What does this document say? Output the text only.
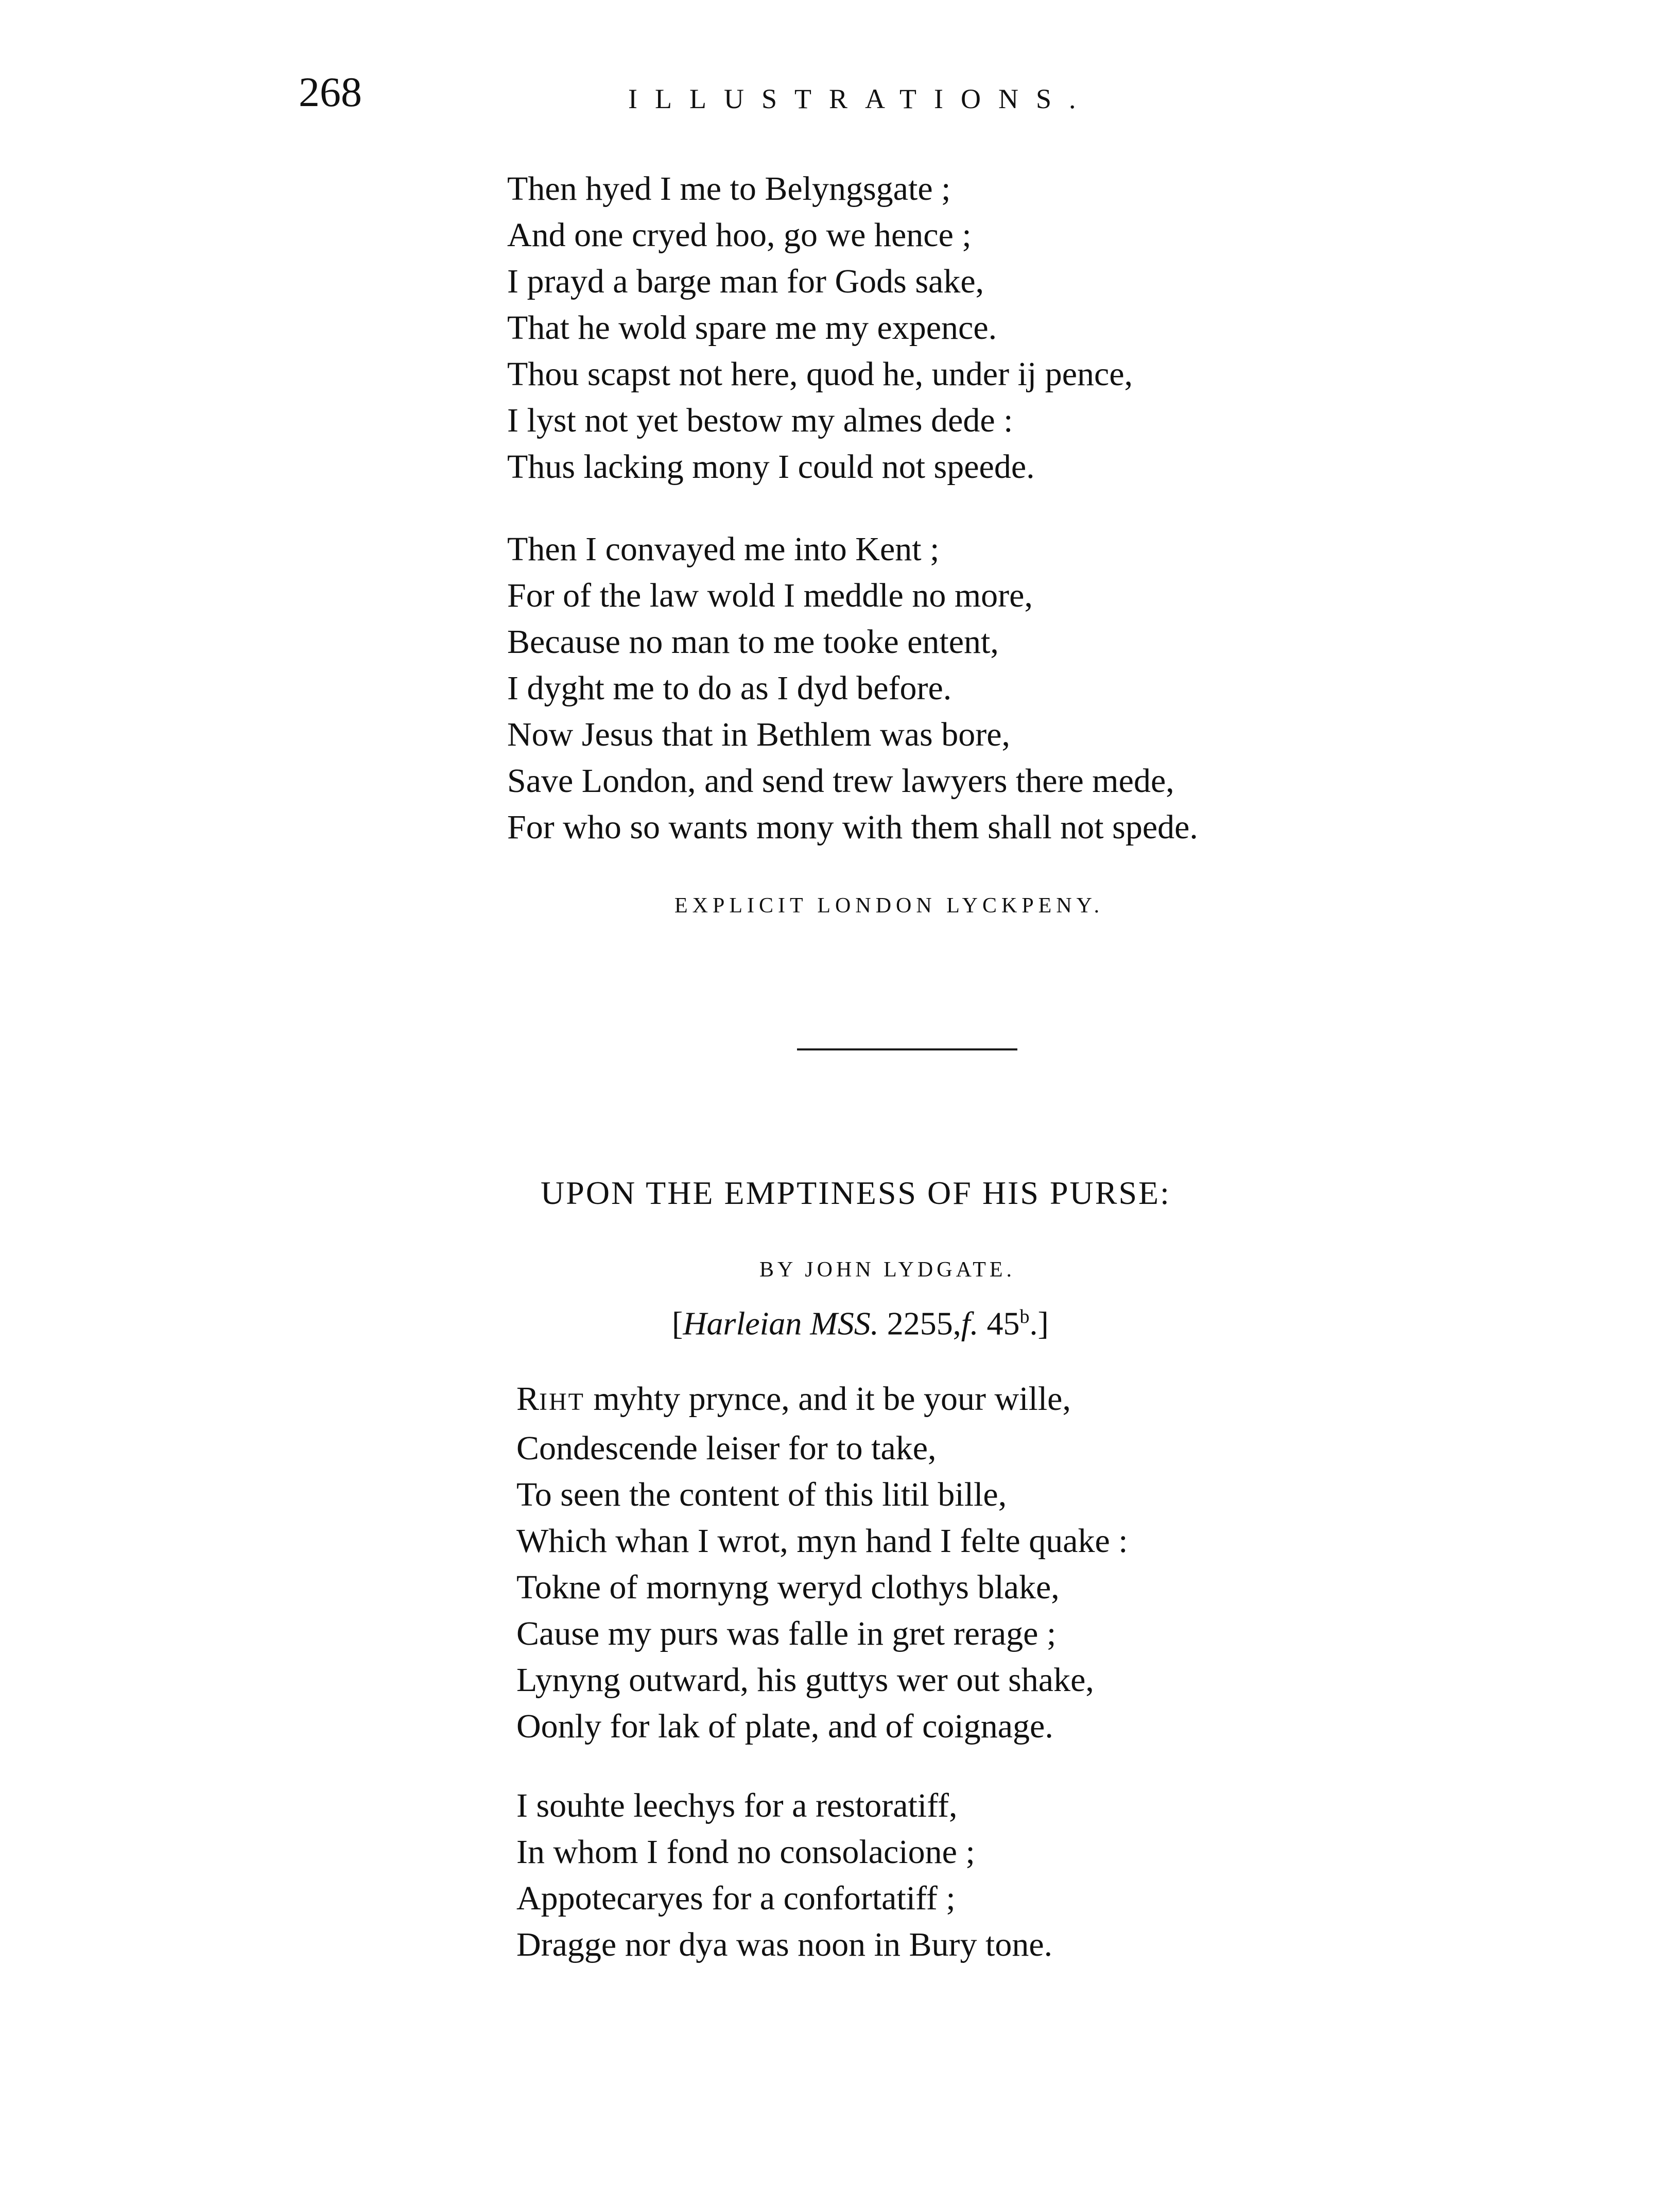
268	ILLUSTRATIONS.

Then hyed I me to Belyngsgate ;
And one cryed hoo, go we hence ;
I prayd a barge man for Gods sake,
That he wold spare me my expence.
Thou scapst not here, quod he, under ij pence,
I lyst not yet bestow my almes dede :
Thus lacking mony I could not speede.

Then I convayed me into Kent ;
For of the law wold I meddle no more,
Because no man to me tooke entent,
I dyght me to do as I dyd before.
Now Jesus that in Bethlem was bore,
Save London, and send trew lawyers there mede,
For who so wants mony with them shall not spede.

EXPLICIT LONDON LYCKPENY.
UPON THE EMPTINESS OF HIS PURSE:
BY JOHN LYDGATE.
[Harleian MSS. 2255,f. 45$^b$.]

RIHT myhty prynce, and it be your wille,
Condescende leiser for to take,
To seen the content of this litil bille,
Which whan I wrot, myn hand I felte quake :
Tokne of mornyng weryd clothys blake,
Cause my purs was falle in gret rerage ;
Lynyng outward, his guttys wer out shake,
Oonly for lak of plate, and of coignage.

I souhte leechys for a restoratiff,
In whom I fond no consolacione ;
Appotecaryes for a confortatiff ;
Dragge nor dya was noon in Bury tone.
